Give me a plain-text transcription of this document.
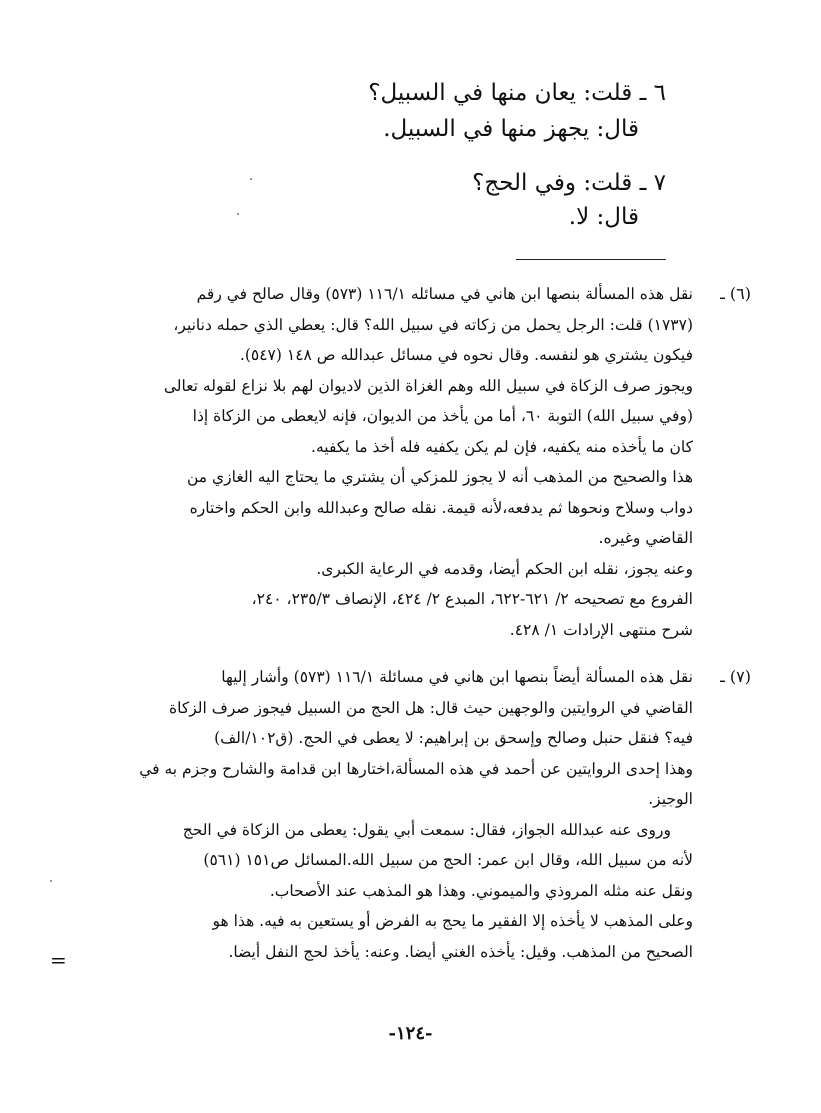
٦ ـ قلت: يعان منها في السبيل؟
قال: يجهز منها في السبيل.
٧ ـ قلت: وفي الحج؟
قال: لا.
(٦) ـ
نقل هذه المسألة بنصها ابن هاني في مسائله ١١٦/١ (٥٧٣) وقال صالح في رقم
(١٧٣٧) قلت: الرجل يحمل من زكاته في سبيل الله؟ قال: يعطي الذي حمله دنانير،
فيكون يشتري هو لنفسه. وقال نحوه في مسائل عبدالله ص ١٤٨ (٥٤٧).
ويجوز صرف الزكاة في سبيل الله وهم الغزاة الذين لاديوان لهم بلا نزاع لقوله تعالى
(وفي سبيل الله) التوبة ٦٠، أما من يأخذ من الديوان، فإنه لايعطى من الزكاة إذا
كان ما يأخذه منه يكفيه، فإن لم يكن يكفيه فله أخذ ما يكفيه.
هذا والصحيح من المذهب أنه لا يجوز للمزكي أن يشتري ما يحتاج اليه الغازي من
دواب وسلاح ونحوها ثم يدفعه،لأنه قيمة. نقله صالح وعبدالله وابن الحكم واختاره
القاضي وغيره.
وعنه يجوز، نقله ابن الحكم أيضا، وقدمه في الرعاية الكبرى.
الفروع مع تصحيحه ٢/ ٦٢١-٦٢٢، المبدع ٢/ ٤٢٤، الإنصاف ٢٣٥/٣، ٢٤٠،
شرح منتهى الإرادات ١/ ٤٢٨.
(٧) ـ
نقل هذه المسألة أيضاً بنصها ابن هاني في مسائلة ١١٦/١ (٥٧٣) وأشار إليها
القاضي في الروايتين والوجهين حيث قال: هل الحج من السبيل فيجوز صرف الزكاة
فيه؟ فنقل حنبل وصالح وإسحق بن إبراهيم: لا يعطى في الحج. (ق١٠٢/الف)
وهذا إحدى الروايتين عن أحمد في هذه المسألة،اختارها ابن قدامة والشارح وجزم به في
الوجيز.
وروى عنه عبدالله الجواز، فقال: سمعت أبي يقول: يعطى من الزكاة في الحج
لأنه من سبيل الله، وقال ابن عمر: الحج من سبيل الله.المسائل ص١٥١ (٥٦١)
ونقل عنه مثله المروذي والميموني. وهذا هو المذهب عند الأصحاب.
وعلى المذهب لا يأخذه إلا الفقير ما يحج به الفرض أو يستعين به فيه. هذا هو
الصحيح من المذهب. وقيل: يأخذه الغني أيضا. وعنه: يأخذ لحج النفل أيضا.
=
-١٢٤-
